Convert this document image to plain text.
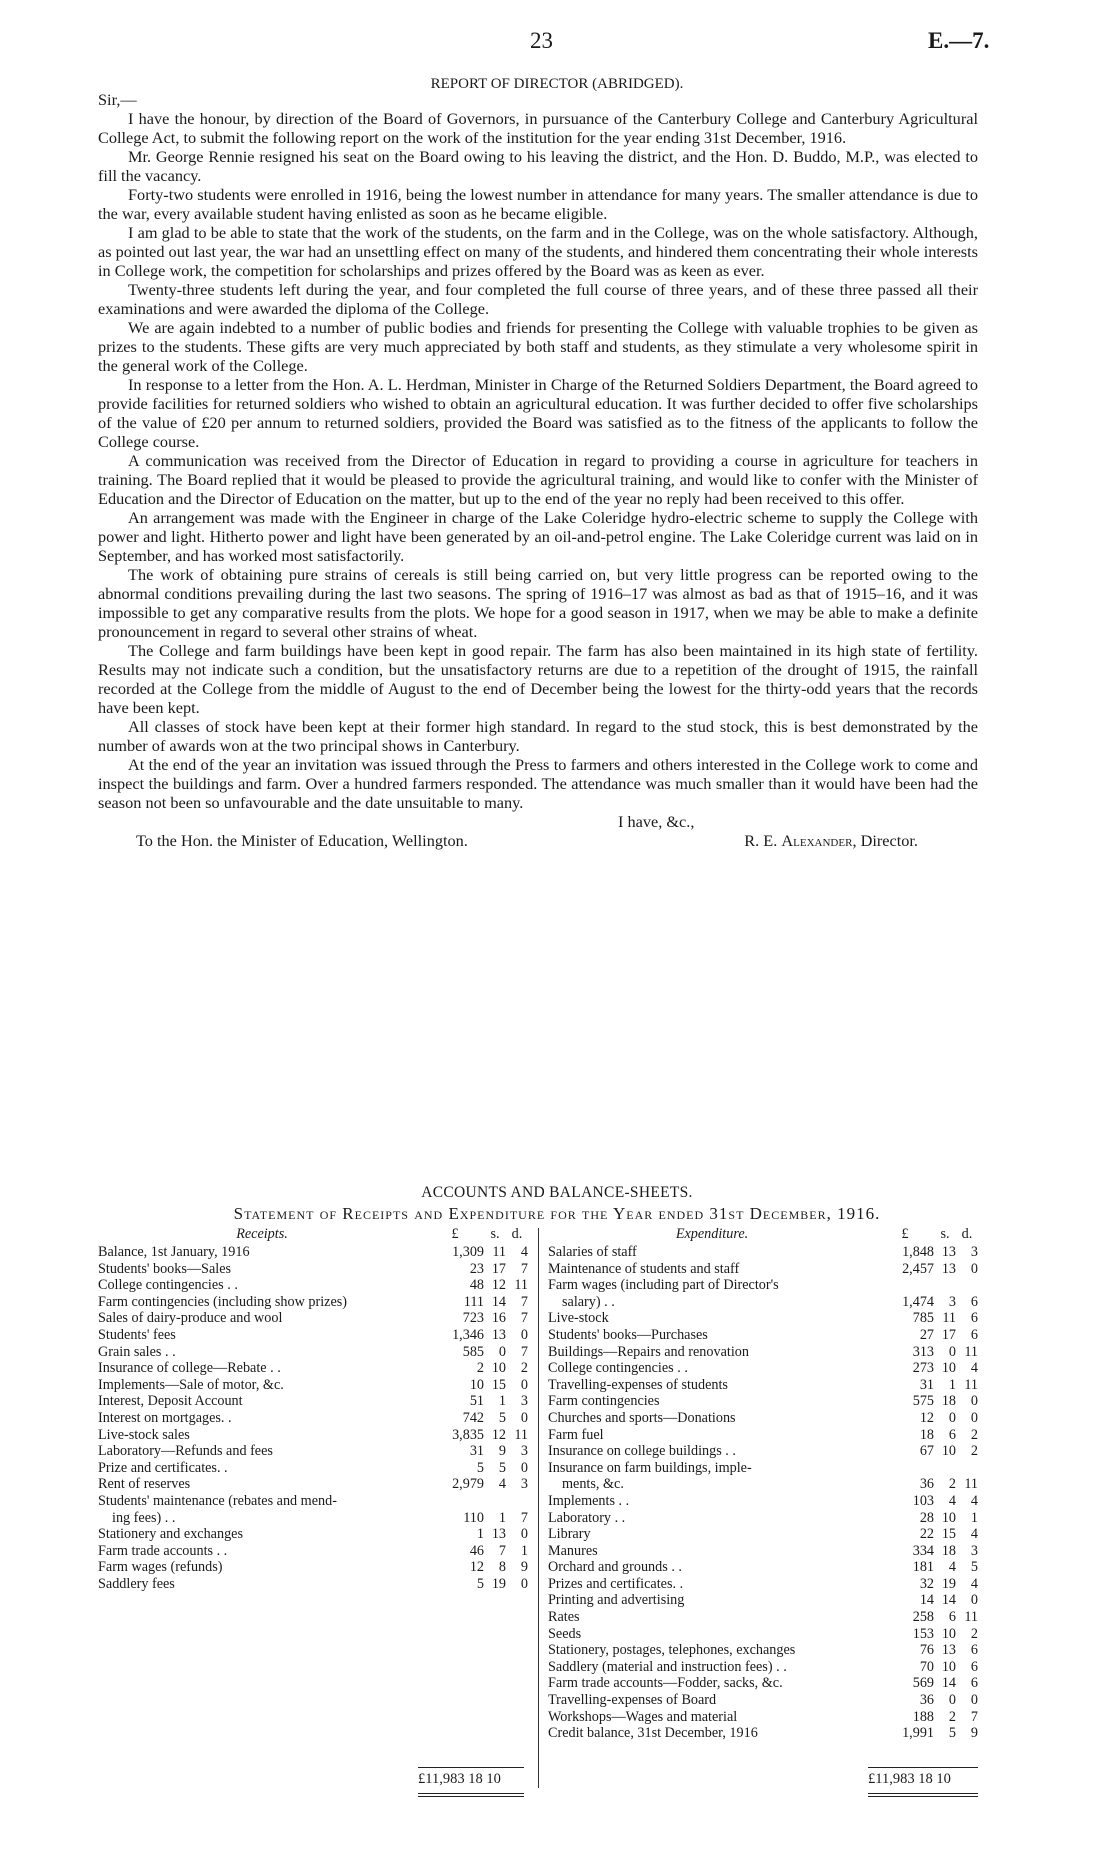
23	E.—7.
REPORT OF DIRECTOR (ABRIDGED).

Sir,—

I have the honour, by direction of the Board of Governors, in pursuance of the Canterbury College and Canterbury Agricultural College Act, to submit the following report on the work of the institution for the year ending 31st December, 1916.

Mr. George Rennie resigned his seat on the Board owing to his leaving the district, and the Hon. D. Buddo, M.P., was elected to fill the vacancy.

Forty-two students were enrolled in 1916, being the lowest number in attendance for many years. The smaller attendance is due to the war, every available student having enlisted as soon as he became eligible.

I am glad to be able to state that the work of the students, on the farm and in the College, was on the whole satisfactory. Although, as pointed out last year, the war had an unsettling effect on many of the students, and hindered them concentrating their whole interests in College work, the competition for scholarships and prizes offered by the Board was as keen as ever.

Twenty-three students left during the year, and four completed the full course of three years, and of these three passed all their examinations and were awarded the diploma of the College.

We are again indebted to a number of public bodies and friends for presenting the College with valuable trophies to be given as prizes to the students. These gifts are very much appreciated by both staff and students, as they stimulate a very wholesome spirit in the general work of the College.

In response to a letter from the Hon. A. L. Herdman, Minister in Charge of the Returned Soldiers Department, the Board agreed to provide facilities for returned soldiers who wished to obtain an agricultural education. It was further decided to offer five scholarships of the value of £20 per annum to returned soldiers, provided the Board was satisfied as to the fitness of the applicants to follow the College course.

A communication was received from the Director of Education in regard to providing a course in agriculture for teachers in training. The Board replied that it would be pleased to provide the agricultural training, and would like to confer with the Minister of Education and the Director of Education on the matter, but up to the end of the year no reply had been received to this offer.

An arrangement was made with the Engineer in charge of the Lake Coleridge hydro-electric scheme to supply the College with power and light. Hitherto power and light have been generated by an oil-and-petrol engine. The Lake Coleridge current was laid on in September, and has worked most satisfactorily.

The work of obtaining pure strains of cereals is still being carried on, but very little progress can be reported owing to the abnormal conditions prevailing during the last two seasons. The spring of 1916–17 was almost as bad as that of 1915–16, and it was impossible to get any comparative results from the plots. We hope for a good season in 1917, when we may be able to make a definite pronouncement in regard to several other strains of wheat.

The College and farm buildings have been kept in good repair. The farm has also been maintained in its high state of fertility. Results may not indicate such a condition, but the unsatisfactory returns are due to a repetition of the drought of 1915, the rainfall recorded at the College from the middle of August to the end of December being the lowest for the thirty-odd years that the records have been kept.

All classes of stock have been kept at their former high standard. In regard to the stud stock, this is best demonstrated by the number of awards won at the two principal shows in Canterbury.

At the end of the year an invitation was issued through the Press to farmers and others interested in the College work to come and inspect the buildings and farm. Over a hundred farmers responded. The attendance was much smaller than it would have been had the season not been so unfavourable and the date unsuitable to many.

I have, &c.,

To the Hon. the Minister of Education, Wellington.	R. E. Alexander, Director.

ACCOUNTS AND BALANCE-SHEETS.
Statement of Receipts and Expenditure for the Year ended 31st December, 1916.
Receipts.	£	s. d.
Balance, 1st January, 1916	1,309 11	4
Students' books—Sales	23 17	7
College contingencies . .	48 12 11
Farm contingencies (including show prizes)	111 14	7
Sales of dairy-produce and wool	723 16	7
Students' fees	1,346 13	0
Grain sales . .	585	0	7
Insurance of college—Rebate . .	2 10	2
Implements—Sale of motor, &c.	10 15	0
Interest, Deposit Account	51	1	3
Interest on mortgages. .	742	5	0
Live-stock sales	3,835 12 11
Laboratory—Refunds and fees	31	9	3
Prize and certificates. .	5	5	0
Rent of reserves	2,979	4	3
Students' maintenance (rebates and mend-
ing fees) . .	110	1	7
Stationery and exchanges	1 13	0
Farm trade accounts . .	46	7	1
Farm wages (refunds)	12	8	9
Saddlery fees	5 19	0
Expenditure.	£	s. d.
Salaries of staff	1,848 13	3
Maintenance of students and staff	2,457 13	0
Farm wages (including part of Director's
salary) . .	1,474	3	6
Live-stock	785 11	6
Students' books—Purchases	27 17	6
Buildings—Repairs and renovation	313	0 11
College contingencies . .	273 10	4
Travelling-expenses of students	31	1 11
Farm contingencies	575 18	0
Churches and sports—Donations	12	0	0
Farm fuel	18	6	2
Insurance on college buildings . .	67 10	2
Insurance on farm buildings, imple-
ments, &c.	36	2 11
Implements . .	103	4	4
Laboratory . .	28 10	1
Library	22 15	4
Manures	334 18	3
Orchard and grounds . .	181	4	5
Prizes and certificates. .	32 19	4
Printing and advertising	14 14	0
Rates	258	6 11
Seeds	153 10	2
Stationery, postages, telephones, exchanges	76 13	6
Saddlery (material and instruction fees) . .	70 10	6
Farm trade accounts—Fodder, sacks, &c.	569 14	6
Travelling-expenses of Board	36	0	0
Workshops—Wages and material	188	2	7
Credit balance, 31st December, 1916	1,991	5	9
£11,983 18 10	£11,983 18 10
